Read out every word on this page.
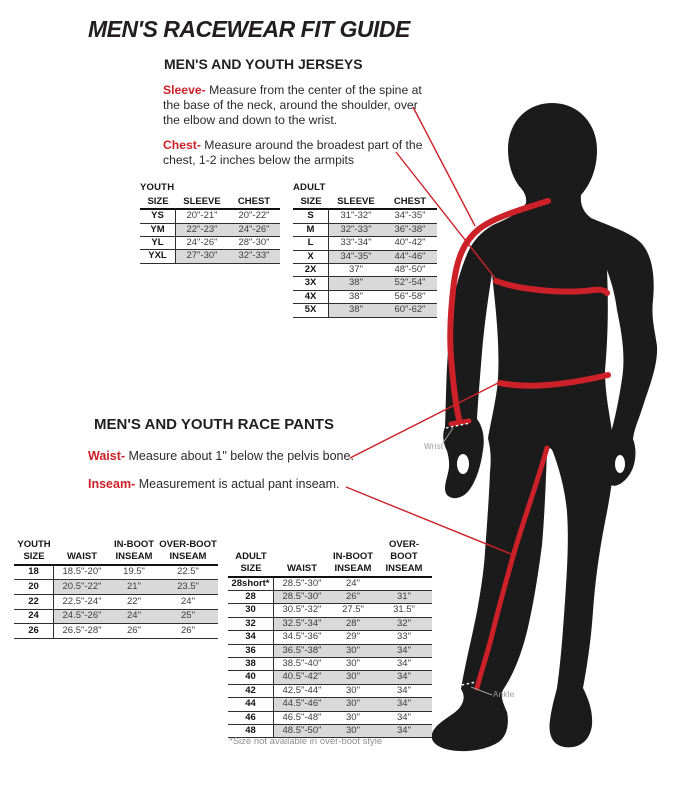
MEN'S RACEWEAR FIT GUIDE
MEN'S AND YOUTH JERSEYS
Sleeve- Measure from the center of the spine at the base of the neck, around the shoulder, over the elbow and down to the wrist.
Chest- Measure around the broadest part of the chest, 1-2 inches below the armpits
MEN'S AND YOUTH RACE PANTS
Waist- Measure about 1" below the pelvis bone.
Inseam- Measurement is actual pant inseam.
YOUTH
SIZE	SLEEVE	CHEST
YS	20"-21"	20"-22"
YM	22"-23"	24"-26"
YL	24"-26"	28"-30"
YXL	27"-30"	32"-33"
ADULT
SIZE	SLEEVE	CHEST
S	31"-32"	34"-35"
M	32"-33"	36"-38"
L	33"-34"	40"-42"
X	34"-35"	44"-46"
2X	37"	48"-50"
3X	38"	52"-54"
4X	38"	56"-58"
5X	38"	60"-62"
YOUTH
SIZE	WAIST
IN-BOOT
INSEAM
OVER-BOOT
INSEAM
18	18.5"-20"	19.5"	22.5"
20	20.5"-22"	21"	23.5"
22	22.5"-24"	22"	24"
24	24.5"-26"	24"	25"
26	26.5"-28"	26"	26"
ADULT
SIZE	WAIST
IN-BOOT
INSEAM
OVER-BOOT
INSEAM
28short*	28.5"-30"	24"
28	28.5"-30"	26"	31"
30	30.5"-32"	27.5"	31.5"
32	32.5"-34"	28"	32"
34	34.5"-36"	29"	33"
36	36.5"-38"	30"	34"
38	38.5"-40"	30"	34"
40	40.5"-42"	30"	34"
42	42.5"-44"	30"	34"
44	44.5"-46"	30"	34"
46	46.5"-48"	30"	34"
48	48.5"-50"	30"	34"
*Size not available in over-boot style
Wrist
Ankle
